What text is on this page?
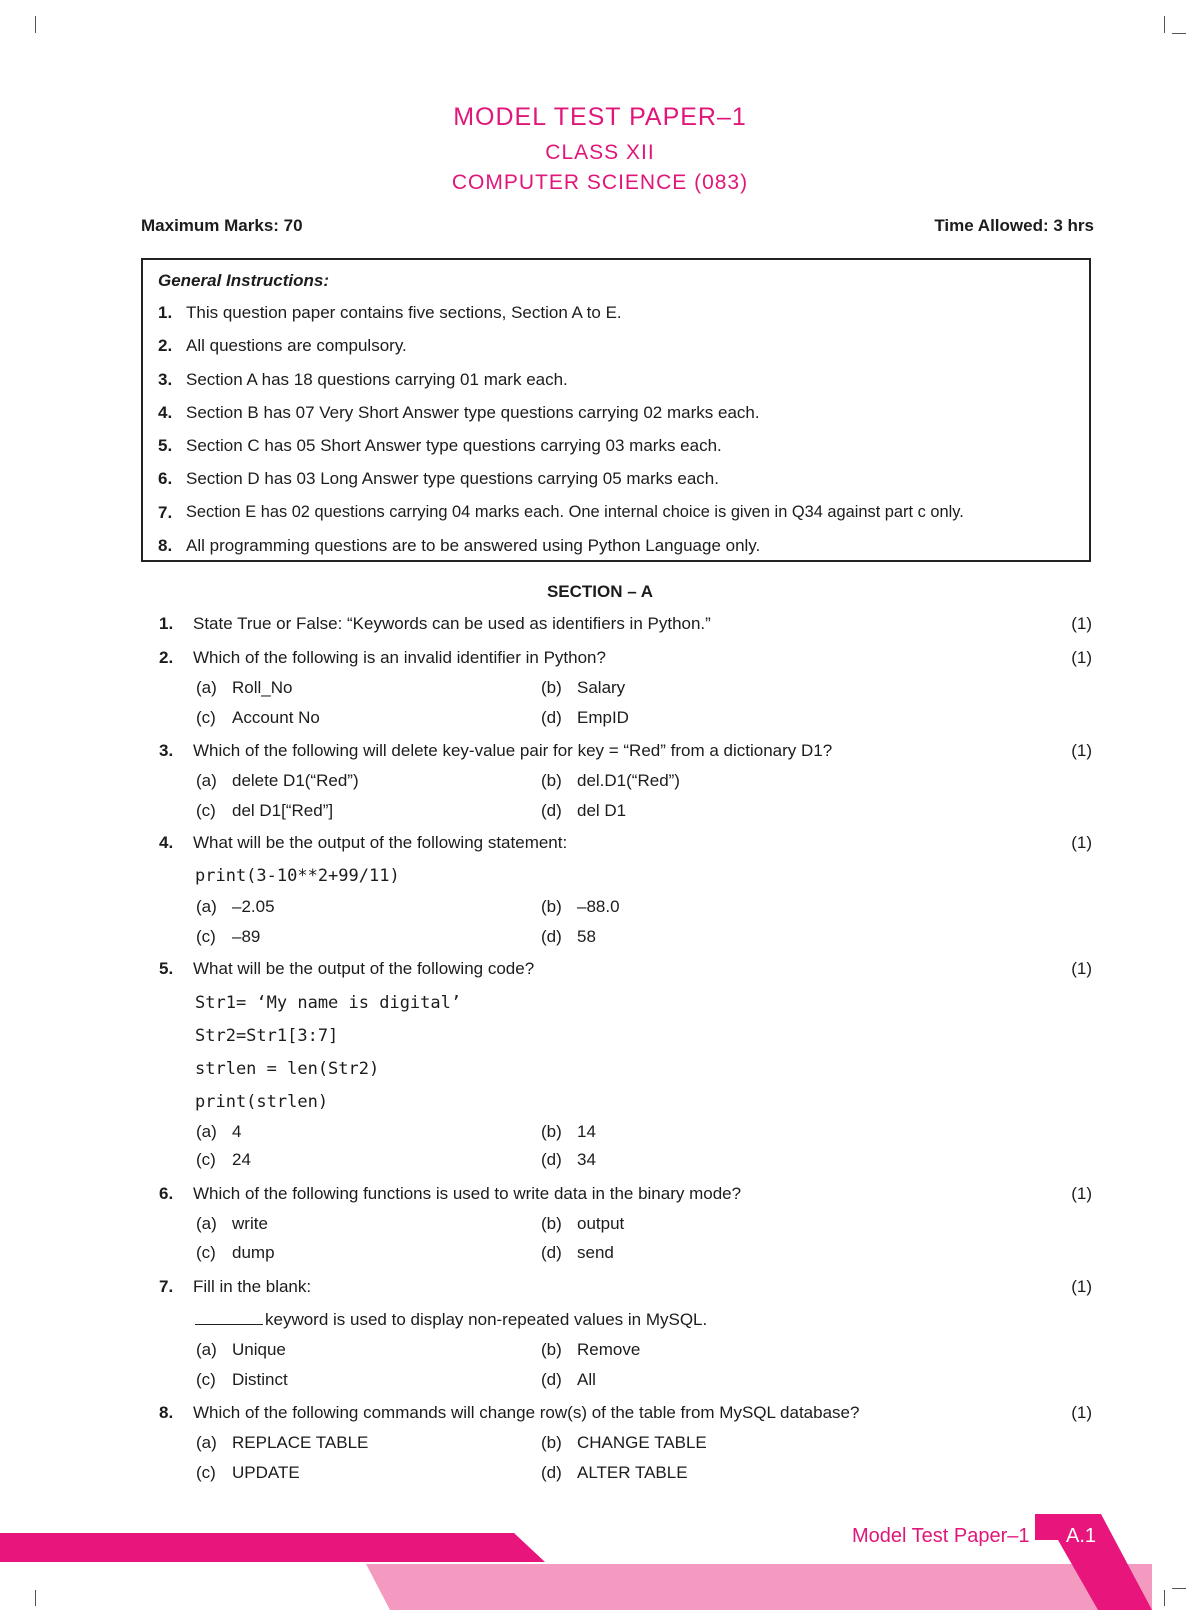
MODEL TEST PAPER–1

CLASS XII

COMPUTER SCIENCE (083)

Maximum Marks: 70	Time Allowed: 3 hrs
General Instructions:
1. This question paper contains five sections, Section A to E.
2. All questions are compulsory.
3. Section A has 18 questions carrying 01 mark each.
4. Section B has 07 Very Short Answer type questions carrying 02 marks each.
5. Section C has 05 Short Answer type questions carrying 03 marks each.
6. Section D has 03 Long Answer type questions carrying 05 marks each.
7. Section E has 02 questions carrying 04 marks each. One internal choice is given in Q34 against part c only.
8. All programming questions are to be answered using Python Language only.
SECTION – A
1.	State True or False: “Keywords can be used as identifiers in Python.”	(1)
2.	Which of the following is an invalid identifier in Python?	(1)
(a) Roll_No	(b) Salary
(c) Account No	(d) EmpID
3.	Which of the following will delete key-value pair for key = “Red” from a dictionary D1?	(1)
(a) delete D1(“Red”)	(b) del.D1(“Red”)
(c) del D1[“Red”]	(d) del D1
4.	What will be the output of the following statement:	(1)
print(3-10**2+99/11)
(a) –2.05	(b) –88.0
(c) –89	(d) 58
5.	What will be the output of the following code?	(1)
Str1= ‘My name is digital’
Str2=Str1[3:7]
strlen = len(Str2)
print(strlen)
(a) 4	(b) 14
(c) 24	(d) 34
6.	Which of the following functions is used to write data in the binary mode?	(1)
(a) write	(b) output
(c) dump	(d) send
7.	Fill in the blank:	(1)
keyword is used to display non-repeated values in MySQL.
(a) Unique	(b) Remove
(c) Distinct	(d) All
8.	Which of the following commands will change row(s) of the table from MySQL database?	(1)
(a) REPLACE TABLE	(b) CHANGE TABLE
(c) UPDATE	(d) ALTER TABLE
Model Test Paper–1 A.1
